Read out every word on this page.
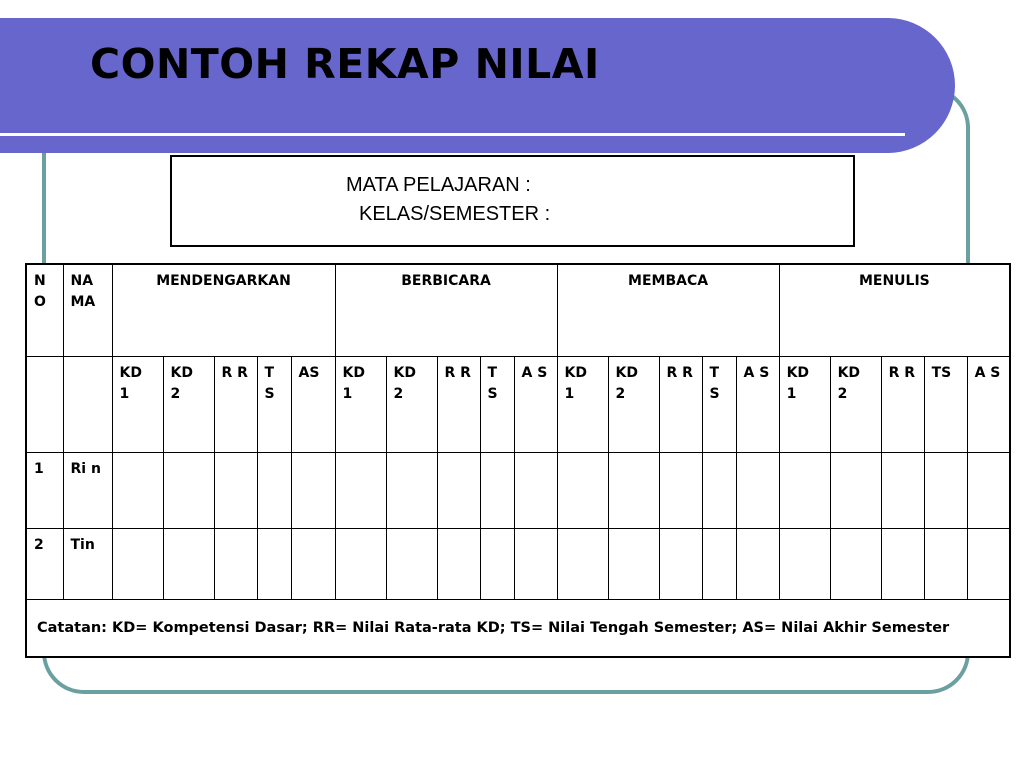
CONTOH REKAP NILAI
MATA PELAJARAN :
KELAS/SEMESTER :
N O	NA MA	MENDENGARKAN					BERBICARA					MEMBACA					MENULIS				
		KD 1	KD 2	R R	T S	AS	KD 1	KD 2	R R	T S	A S	KD 1	KD 2	R R	T S	A S	KD 1	KD 2	R R	TS	A S
1	Ri n																				
2	Tin																				
Catatan: KD= Kompetensi Dasar; RR= Nilai Rata-rata KD; TS= Nilai Tengah Semester; AS= Nilai Akhir Semester																					
